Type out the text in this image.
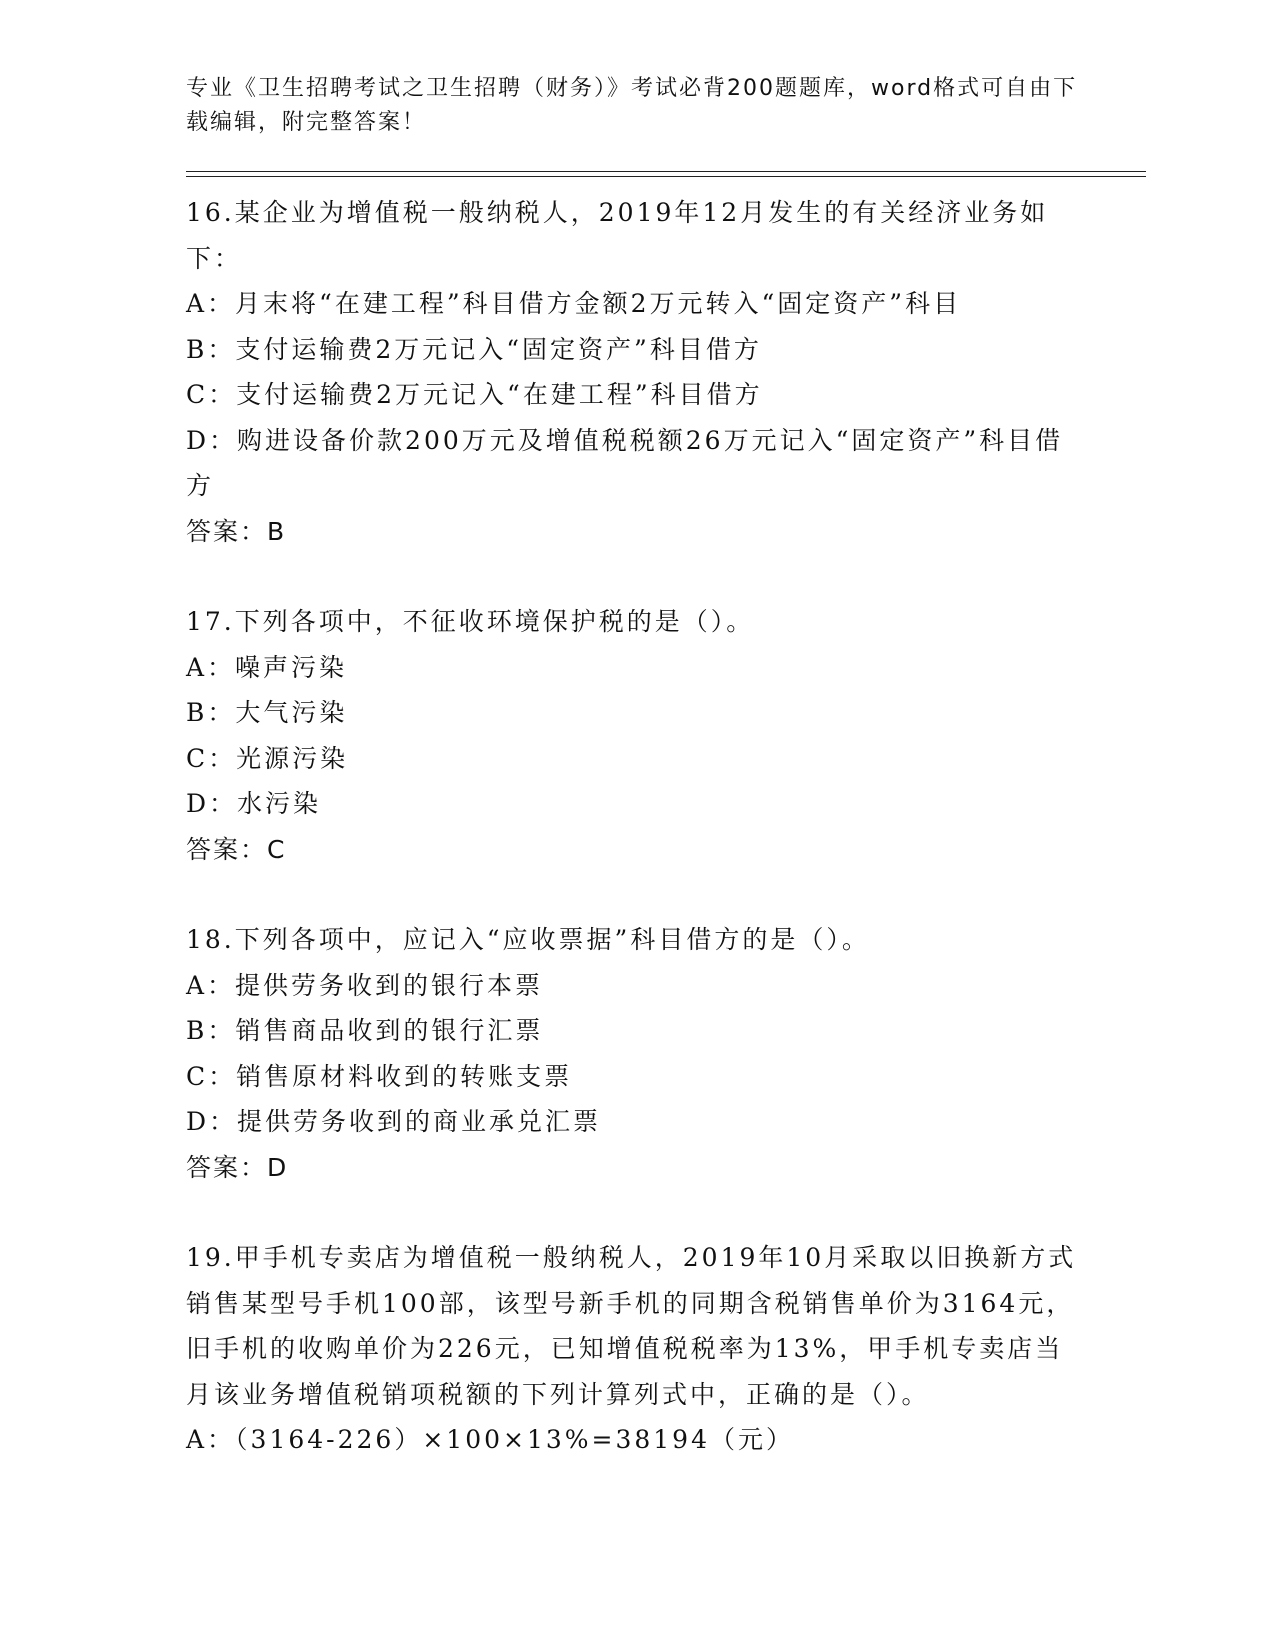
专业《卫生招聘考试之卫生招聘（财务）》考试必背200题题库，word格式可自由下载编辑，附完整答案！
16.某企业为增值税一般纳税人，2019年12月发生的有关经济业务如下：
A：月末将“在建工程”科目借方金额2万元转入“固定资产”科目
B：支付运输费2万元记入“固定资产”科目借方
C：支付运输费2万元记入“在建工程”科目借方
D：购进设备价款200万元及增值税税额26万元记入“固定资产”科目借方
答案：B
17.下列各项中，不征收环境保护税的是（）。
A：噪声污染
B：大气污染
C：光源污染
D：水污染
答案：C
18.下列各项中，应记入“应收票据”科目借方的是（）。
A：提供劳务收到的银行本票
B：销售商品收到的银行汇票
C：销售原材料收到的转账支票
D：提供劳务收到的商业承兑汇票
答案：D
19.甲手机专卖店为增值税一般纳税人，2019年10月采取以旧换新方式销售某型号手机100部，该型号新手机的同期含税销售单价为3164元，旧手机的收购单价为226元，已知增值税税率为13%，甲手机专卖店当月该业务增值税销项税额的下列计算列式中，正确的是（）。
A：（3164-226）×100×13%=38194（元）
